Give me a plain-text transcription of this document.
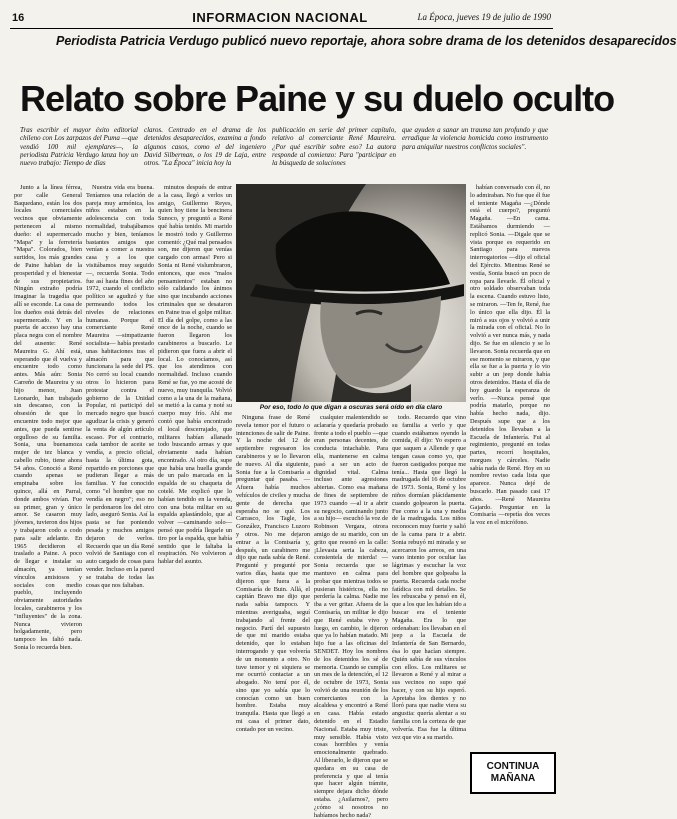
16	INFORMACION NACIONAL	La Época, jueves 19 de julio de 1990
Periodista Patricia Verdugo publicó nuevo reportaje, ahora sobre drama de los detenidos desaparecidos
Relato sobre Paine y su duelo oculto
Tras escribir el mayor éxito editorial chileno con Los zarpazos del Puma —que vendió 100 mil ejemplares—, la periodista Patricia Verdugo lanza hoy un nuevo trabajo: Tiempo de días
claros. Centrado en el drama de los detenidos desaparecidos, examina a fondo algunos casos, como el del ingeniero David Silberman, o los 19 de Laja, entre otros. "La Época" inicia hoy la
publicación en serie del primer capítulo, relativo al comerciante René Maureira. ¿Por qué escribir sobre eso? La autora responde al comienzo: Para "participar en la búsqueda de soluciones
que ayuden a sanar un trauma tan profundo y que erradique la violencia homicida como instrumento para aniquilar nuestros conflictos sociales".

Junto a la línea férrea, por calle General Baquedano, están los dos locales comerciales vecinos que obviamente pertenecen al mismo dueño: el supermercado "Mapa" y la ferretería "Mapa". Colorados, bien surtidos, los más grandes de Paine hablan de la prosperidad y el bienestar de sus propietarios. Ningún extraño podría imaginar la tragedia que allí se esconde. La casa de los dueños está detrás del supermercado. Y en la puerta de acceso hay una placa negra con el nombre del ausente: René Maureira G. Ahí está, esperando que él vuelva y encuentre todo como antes. Más aún: Sonia Carreño de Maureira y su hijo menor, Juan Leonardo, han trabajado sin descanso, con la obsesión de que lo encuentre todo mejor que antes, que pueda sentirse orgulloso de su familia. Sonia, una buenamoza mujer de tez blanca y cabello rubio, tiene ahora 54 años. Conoció a René cuando apenas se empinaba sobre los quince, allá en Parral, donde ambos vivían. Fue su primer, gran y único amor. Se casaron muy jóvenes, tuvieron dos hijos y trabajaron codo a codo para salir adelante. En 1965 decidieron el traslado a Paine. A poco de llegar e instalar su almacén, ya tenían vínculos amistosos y sociales con medio pueblo, incluyendo obviamente autoridades locales, carabineros y los "influyentes" de la zona. Nunca vivieron holgadamente, pero tampoco les faltó nada. Sonia lo recuerda bien.

Nuestra vida era buena. Teníamos una relación de pareja muy armónica, los niños estaban en la adolescencia con toda normalidad, trabajábamos mucho y bien, teníamos bastantes amigos que venían a comer a nuestra casa y a los que visitábamos muy seguido—, recuerda Sonia. Todo fue así hasta fines del año 1972, cuando el conflicto político se agudizó y fue permeando todos los niveles de relaciones humanas. Porque el comerciante René Maureira —simpatizante socialista— había prestado unas habitaciones tras el almacén para que funcionara la sede del PS. No cerró su local cuando otros lo hicieron para protestar contra el gobierno de la Unidad Popular, ni participó del mercado negro que buscó agudizar la crisis y generó la venta de algún artículo escaso. Por el contrario, cada tambor de aceite se vendía, a precio oficial, hasta la última gota, repartido en porciones que pudieran llegar a más familias. Y fue conocido como "el hombre que no vendía en negro"; eso no le perdonaron los del otro lado, aseguró Sonia. Así la pasta se fue poniendo pesada y muchos amigos dejaron de verlos. Recuerdo que un día René volvió de Santiago con el auto cargado de cosas para vender. Incluso en la pared se trataba de todas las cosas que nos faltaban.

minutos después de entrar a la casa, llegó a verlos un amigo, Guillermo Reyes, quien hoy tiene la bencinera Sunoco, y preguntó a René qué había tenido. Mi marido le mostró todo y Guillermo comentó: ¿Qué mal pensados son, me dijeron que venías cargado con armas! Pero si Sonia ni René vislumbraron, entonces, que esos "malos pensamientos" estaban no sólo calidando los ánimos sino que incubando acciones criminales que se desataron en Paine tras el golpe militar. El día del golpe, como a las once de la noche, cuando se fueron llegaron los carabineros a buscarlo. Le pidieron que fuera a abrir el local. Lo conocíamos, así que los atendimos con normalidad. Incluso cuando René se fue, yo me acosté de nuevo, muy tranquila. Volvió como a la una de la mañana, se metió a la cama y noté su cuerpo muy frío. Ahí me contó que había encontrado el local descerrajado, que militares habían allanado todo buscando armas y que obviamente nada habían encontrado. Al otro día, supe que había una huella grande de un palo marcada en la espalda de su chaqueta de cotelé. Me explicó que lo habían tendido en la vereda, con una bota militar en su espalda aplastándolo, que al volver —caminando solo— pensó que podría llegarle un tiro por la espalda, que había sentido que le faltaba la respiración. No volvieron a hablar del asunto.

Ninguna frase de René revela temor por el futuro o intenciones de salir de Paine. Y la noche del 12 de septiembre regresaron los carabineros y se lo llevaron de nuevo. Al día siguiente, Sonia fue a la Comisaría a preguntar qué pasaba. —Afuera había muchos vehículos de civiles y mucha gente de derecha que esperaba no se qué. Los Carrasco, los Tagle, los González, Francisco Luzoro y otros. No me dejaron entrar a la Comisaría y, después, un carabinero me dijo que nada sabía de René. Pregunté y pregunté por varios días, hasta que me dijeron que fuera a la Comisaría de Buin. Allá, el capitán Bravo me dijo que nada sabía tampoco. Y mientras averiguaba, seguí trabajando al frente del negocio. Partí del supuesto de que mi marido estaba detenido, que lo estaban interrogando y que volvería de un momento a otro. No tuve temor y ni siquiera se me ocurrió contactar a un abogado. No temí por él, sino que yo sabía que lo conocían como un buen hombre. Estaba muy tranquila. Hasta que llegó a mi casa el primer dato, contado por un vecino.

cualquier malentendido se aclararía y quedaría probado frente a todo el pueblo —que eran personas decentes, de conducta intachable. Para ella, mantenerse en calma pasó a ser un acto de dignidad vital. Calma incluso ante agresiones abiertas. Como esa mañana de fines de septiembre de 1973 cuando —al ir a abrir su negocio, caminando junto a su hijo— escuchó la voz de Robinson Vergara, otrora amigo de su marido, con un grito que resonó en la calle: ¡Llevasta seria la cabeza, consientela de mierda! —Sonia recuerda que se mantuvo en calma para probar que mientras todos se pusieran histéricos, ella no perdería la calma. Nadie me iba a ver gritar. Afuera de la Comisaría, un militar le dijo que René estaba vivo y luego, en cambio, le dijeron que ya lo habían matado. Mi hijo fue a las oficinas del SENDET. Hoy los nombres de los detenidos los sé de memoria. Cuando se cumplía un mes de la detención, el 12 de octubre de 1973, Sonia volvió de una reunión de los comerciantes con la alcaldesa y encontró a René en casa. Había estado detenido en el Estadio Nacional. Estaba muy triste, muy sensible. Había visto cosas horribles y venía emocionalmente quebrado. Al liberarlo, le dijeron que se quedara en su casa de preferencia y que al tenía que hacer algún trámite, siempre dejara dicho dónde estaba. ¿Asilarnos?, pero ¿cómo si nosotros no habíamos hecho nada?

todo. Recuerdo que vino su familia a verlo y que cuando estábamos oyendo la comida, él dijo: Yo espero a que saquen a Allende y que tengan casas como yo, que fueron castigados porque me tenía... Hasta que llegó la madrugada del 16 de octubre de 1973. Sonia, René y los niños dormían plácidamente cuando golpearon la puerta. Fue como a la una y media de la madrugada. Los niños reconocen muy fuerte y salió de la cama para ir a abrir. Sonia rebuyó mi mirada y se acercaron los arreos, en una vano intento por ocultar las lágrimas y escuchar la voz del hombre que golpeaba la puerta. Recuerda cada noche fatídica con mil detalles. Se les rebuscaba y pensó en él, que a los que les habían ido a buscar era el teniente Magaña. Era lo que ordenaban: los llevaban en el jeep a la Escuela de Infantería de San Bernardo, ésa lo que hacían siempre. Quién sabía de sus vínculos con ellos. Los militares se llevaron a René y al mirar a sus vecinos no supo qué hacer, y con su hijo esperó. Apretaba los dientes y no lloró para que nadie viera su angustia: quería alentar a su familia con la certeza de que volvería. Esa fue la última vez que vio a su marido.

habían conversado con él, no lo admiraban. No fue que él fue el teniente Magaña —¿Dónde está el cuerpo?, preguntó Magaña. —En cama. Estábamos durmiendo —replicó Sonia. —Digale que se vista porque es requerido en Santiago para nuevos interrogatorios —dijo el oficial del Ejército. Mientras René se vestía, Sonia buscó un poco de ropa para llevarle. Él oficial y otro soldado observaban toda la escena. Cuando estuvo listo, se miraron. —Ten fe, René, fue lo único que ella dijo. Él la miró a sus ojos y volvió a unir la mirada con el oficial. No lo volvió a ver nunca más, y nada dijo. Se fue en silencio y se lo llevaron. Sonia recuerda que en ese momento se miraron, y que ella se fue a la puerta y lo vio subir a un jeep donde había otros detenidos. Hasta el día de hoy guardo la esperanza de verlo. —Nunca pensé que podría matarlo, porque no había hecho nada, dijo. Después supe que a los detenidos los llevaban a la Escuela de Infantería. Fui al regimiento, pregunté en todas partes, recorrí hospitales, morgues y cárceles. Nadie sabía nada de René. Hoy en su nombre reviso cada lista que aparece. Nunca dejé de buscarlo. Han pasado casi 17 años. —René Maureira Gajardo. Preguntar en la Comisaría —repetía dos veces la voz en el micrófono.

Por eso, todo lo que digan a oscuras será oído en día claro
CONTINUA
MAÑANA
